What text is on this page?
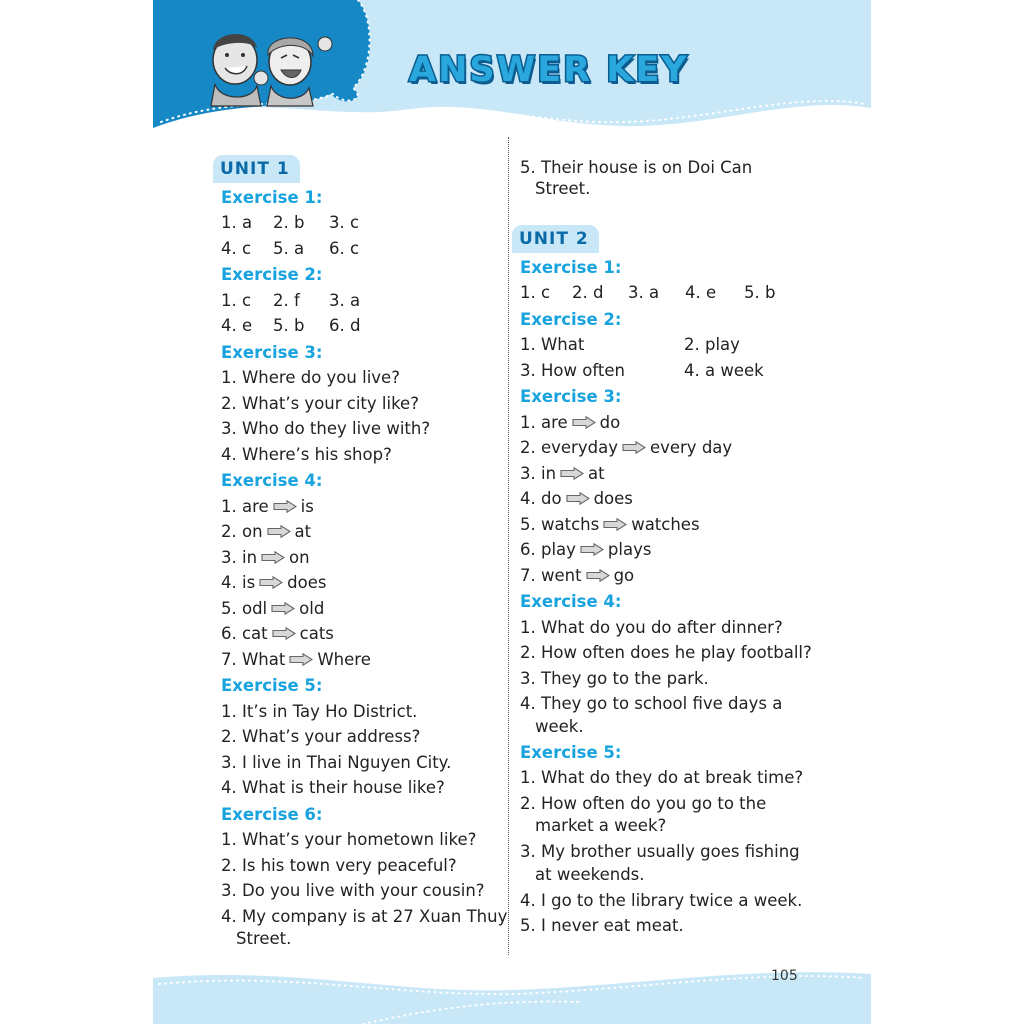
ANSWER KEY
UNIT 1
Exercise 1:
1. a	2. b	3. c
4. c	5. a	6. c
Exercise 2:
1. c	2. f	3. a
4. e	5. b	6. d
Exercise 3:
1. Where do you live?
2. What’s your city like?
3. Who do they live with?
4. Where’s his shop?
Exercise 4:
1. are is
2. on at
3. in on
4. is does
5. odl old
6. cat cats
7. What Where
Exercise 5:
1. It’s in Tay Ho District.
2. What’s your address?
3. I live in Thai Nguyen City.
4. What is their house like?
Exercise 6:
1. What’s your hometown like?
2. Is his town very peaceful?
3. Do you live with your cousin?
4. My company is at 27 Xuan Thuy
Street.
5. Their house is on Doi Can
Street.
UNIT 2
Exercise 1:
1. c	2. d	3. a	4. e	5. b
Exercise 2:
1. What	2. play
3. How often	4. a week
Exercise 3:
1. are do
2. everyday every day
3. in at
4. do does
5. watchs watches
6. play plays
7. went go
Exercise 4:
1. What do you do after dinner?
2. How often does he play football?
3. They go to the park.
4. They go to school five days a
week.
Exercise 5:
1. What do they do at break time?
2. How often do you go to the
market a week?
3. My brother usually goes fishing
at weekends.
4. I go to the library twice a week.
5. I never eat meat.
105
